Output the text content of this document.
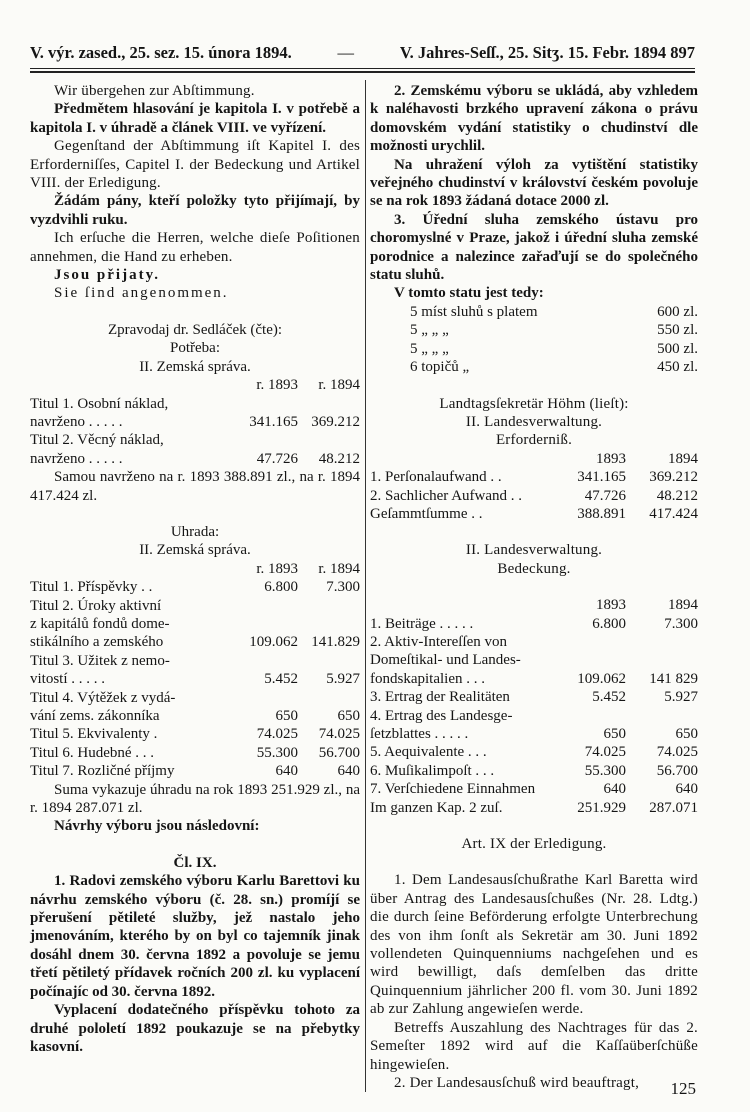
V. výr. zased., 25. sez. 15. února 1894.	—	V. Jahres-Seſſ., 25. Sitʒ. 15. Febr. 1894 897

Wir übergehen zur Abſtimmung.

Předmětem hlasování je kapitola I. v potřebě a kapitola I. v úhradě a článek VIII. ve vyřízení.

Gegenſtand der Abſtimmung iſt Kapitel I. des Erforderniſſes, Capitel I. der Bedeckung und Artikel VIII. der Erledigung.

Žádám pány, kteří položky tyto přijímají, by vyzdvihli ruku.

Ich erſuche die Herren, welche dieſe Poſitionen annehmen, die Hand zu erheben.

Jsou přijaty.

Sie ſind angenommen.

Zpravodaj dr. Sedláček (čte):

Potřeba:

II. Zemská správa.

r. 1893	r. 1894
Titul 1. Osobní náklad,
navrženo . . . . .	341.165 369.212
Titul 2. Věcný náklad,
navrženo . . . . .	47.726	48.212

Samou navrženo na r. 1893 388.891 zl., na r. 1894 417.424 zl.

Uhrada:

II. Zemská správa.

r. 1893	r. 1894
Titul 1. Příspěvky . .	6.800	7.300
Titul 2. Úroky aktivní
z kapitálů fondů dome-
stikálního a zemského	109.062 141.829
Titul 3. Užitek z nemo-
vitostí . . . . .	5.452	5.927
Titul 4. Výtěžek z vydá-
vání zems. zákonníka	650	650
Titul 5. Ekvivalenty .	74.025	74.025
Titul 6. Hudebné . . .	55.300	56.700
Titul 7. Rozličné příjmy	640	640

Suma vykazuje úhradu na rok 1893 251.929 zl., na r. 1894 287.071 zl.

Návrhy výboru jsou následovní:

Čl. IX.

1. Radovi zemského výboru Karlu Barettovi ku návrhu zemského výboru (č. 28. sn.) promíjí se přerušení pětileté služby, jež nastalo jeho jmenováním, kterého by on byl co tajemník jinak dosáhl dnem 30. června 1892 a povoluje se jemu třetí pětiletý přídavek ročních 200 zl. ku vyplacení počínajíc od 30. června 1892.

Vyplacení dodatečného příspěvku tohoto za druhé pololetí 1892 poukazuje se na přebytky kasovní.

2. Zemskému výboru se ukládá, aby vzhledem k naléhavosti brzkého upravení zákona o právu domovském vydání statistiky o chudinství dle možnosti urychlil.

Na uhražení výloh za vytištění statistiky veřejného chudinství v království českém povoluje se na rok 1893 žádaná dotace 2000 zl.

3. Úřední sluha zemského ústavu pro choromyslné v Praze, jakož i úřední sluha zemské porodnice a nalezince zařaďují se do společného statu sluhů.

V tomto statu jest tedy:

5 míst sluhů s platem	600 zl.
5 „ „ „	550 zl.
5 „ „ „	500 zl.
6 topičů „	450 zl.

Landtagsſekretär Höhm (lieſt):

II. Landesverwaltung.

Erforderniß.

1893	1894
1. Perſonalaufwand . .	341.165	369.212
2. Sachlicher Aufwand . .	47.726	48.212
Geſammtſumme . .	388.891	417.424

II. Landesverwaltung.

Bedeckung.

1893	1894
1. Beiträge . . . . .	6.800	7.300
2. Aktiv-Intereſſen von
Domeſtikal- und Landes-
fondskapitalien . . .	109.062	141 829
3. Ertrag der Realitäten	5.452	5.927
4. Ertrag des Landesge-
ſetzblattes . . . . .	650	650
5. Aequivalente . . .	74.025	74.025
6. Muſikalimpoſt . . .	55.300	56.700
7. Verſchiedene Einnahmen	640	640
Im ganzen Kap. 2 zuſ.	251.929	287.071

Art. IX der Erledigung.

1. Dem Landesausſchußrathe Karl Baretta wird über Antrag des Landesausſchußes (Nr. 28. Ldtg.) die durch ſeine Beförderung erfolgte Unterbrechung des von ihm ſonſt als Sekretär am 30. Juni 1892 vollendeten Quinquenniums nachgeſehen und es wird bewilligt, daſs demſelben das dritte Quinquennium jährlicher 200 fl. vom 30. Juni 1892 ab zur Zahlung angewieſen werde.

Betreffs Auszahlung des Nachtrages für das 2. Semeſter 1892 wird auf die Kaſſaüberſchüße hingewieſen.

2. Der Landesausſchuß wird beauftragt,	125
